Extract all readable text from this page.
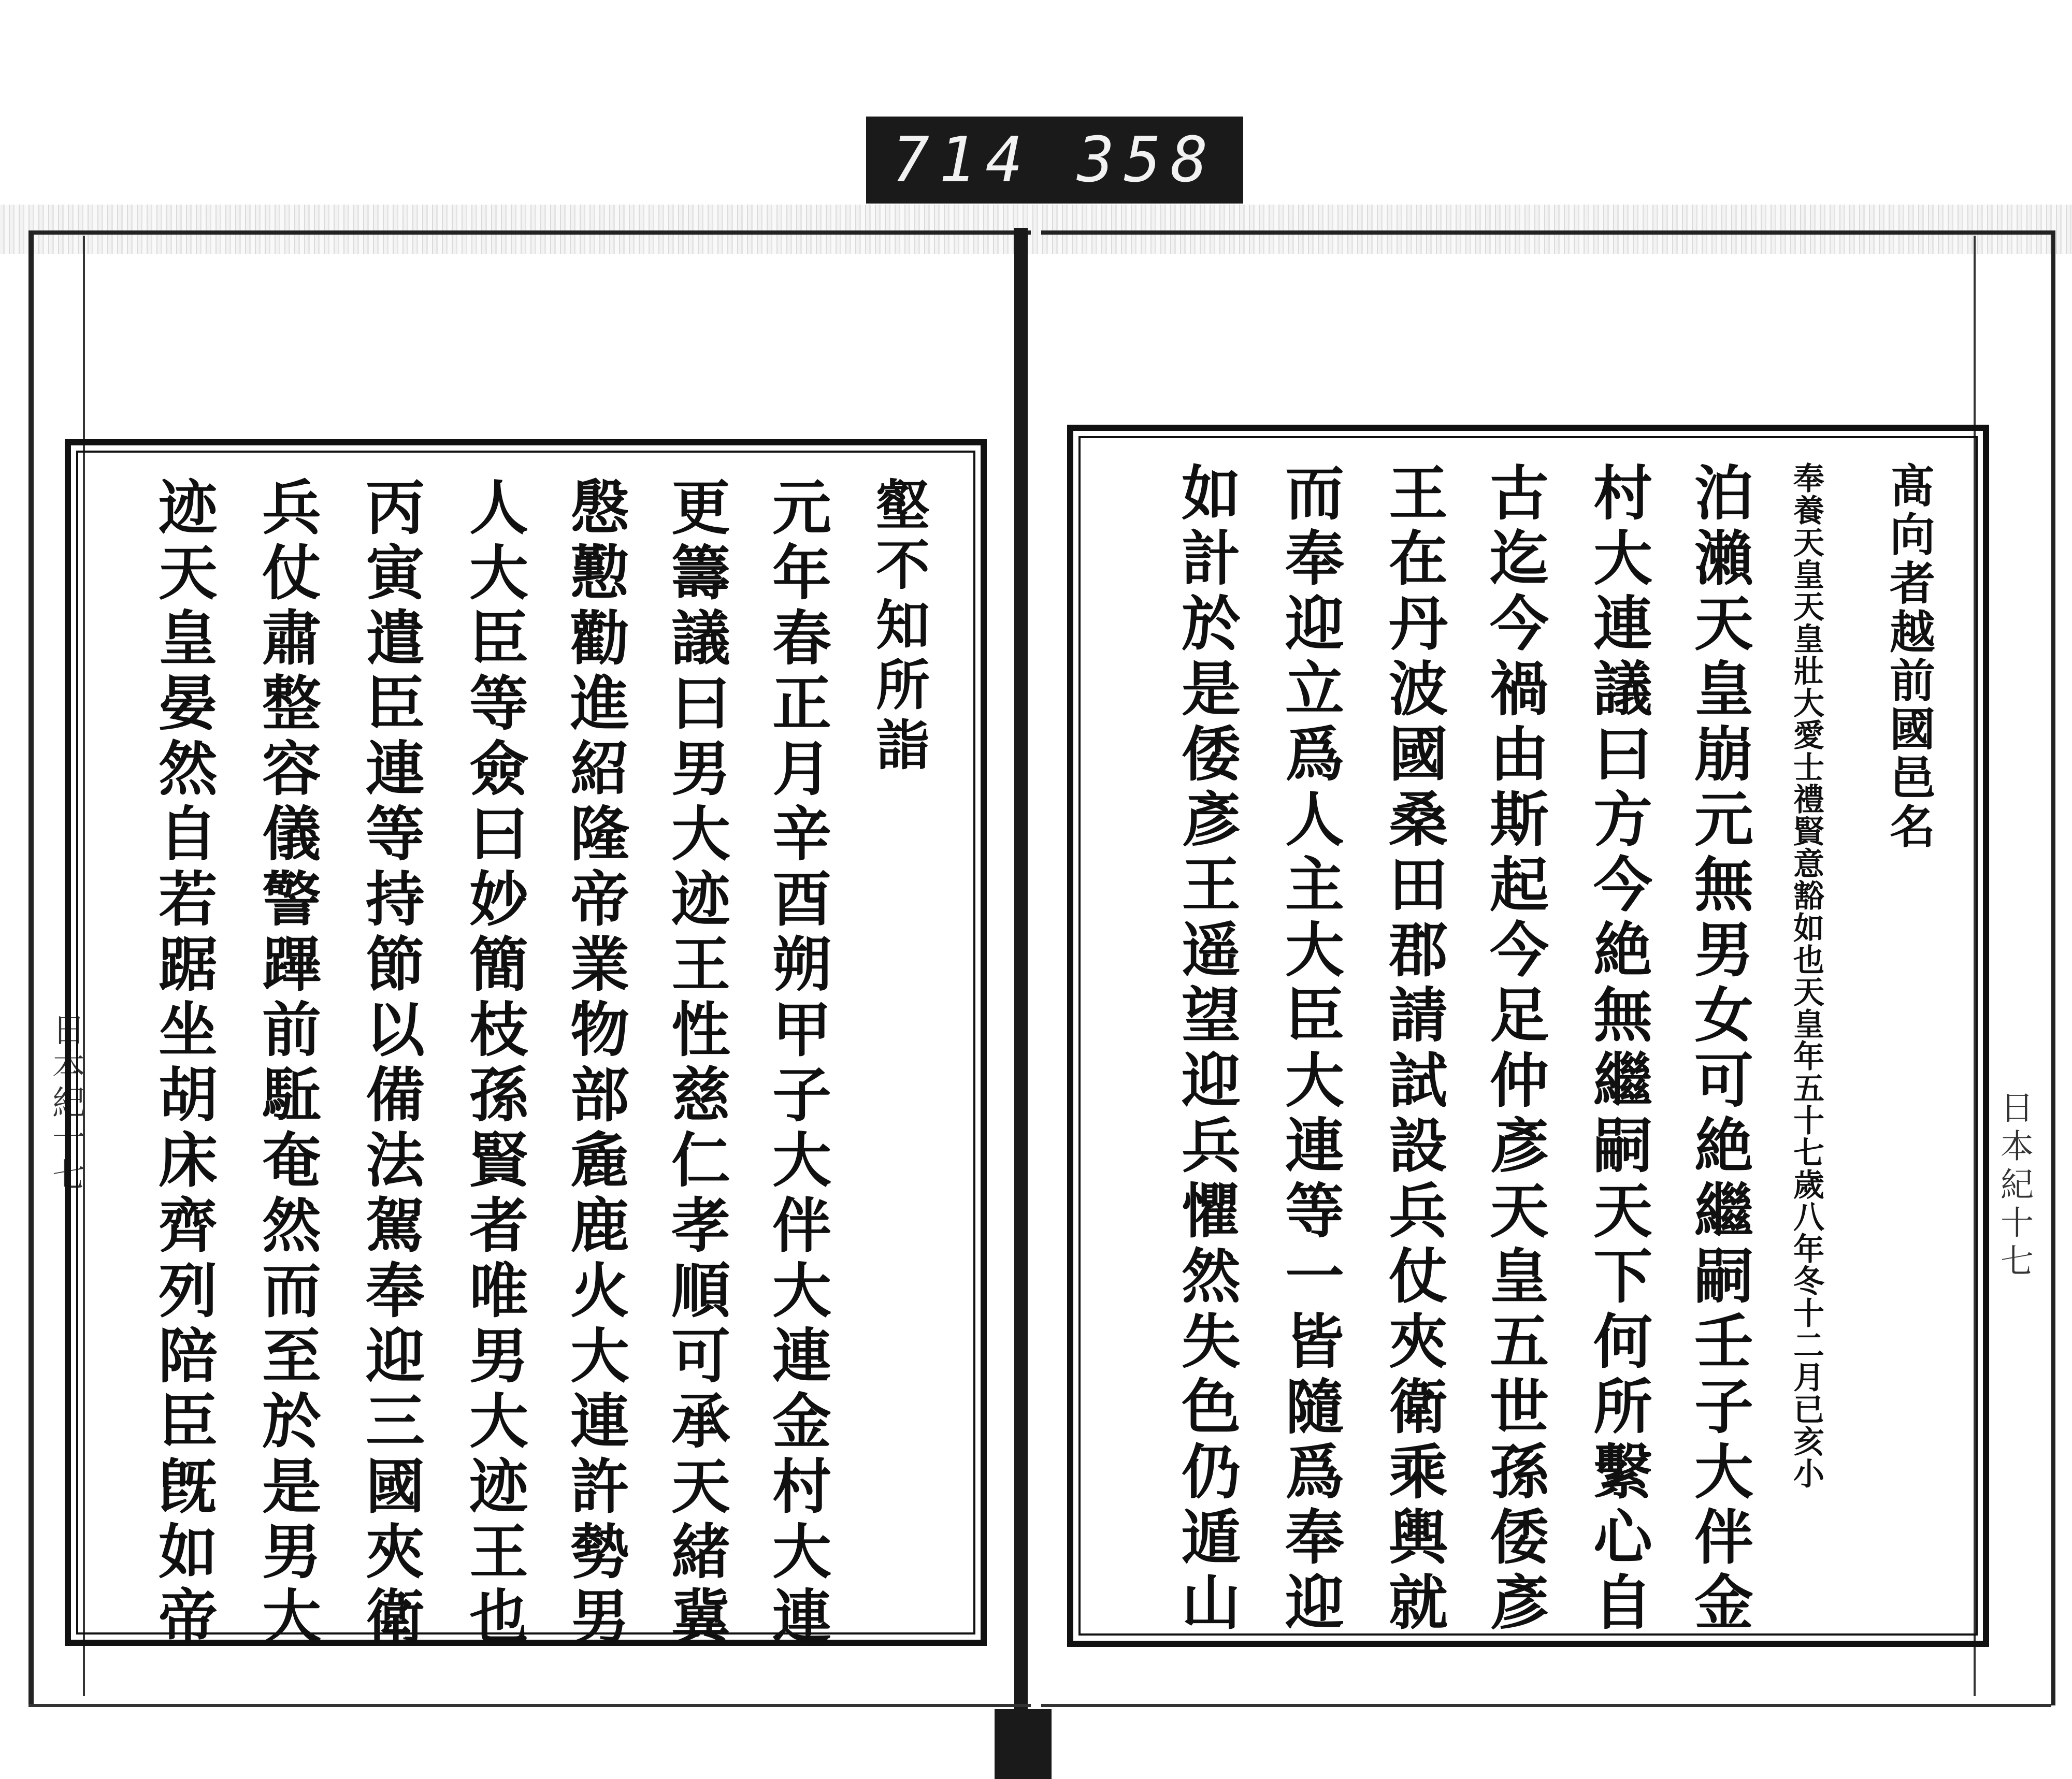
714 358
日本紀十七	日本紀十七
壑不知所詣
元年春正月辛酉朔甲子大伴大連金村大連
更籌議曰男大迹王性慈仁孝順可承天緒冀
慇懃勸進紹隆帝業物部麁鹿火大連許勢男
人大臣等僉曰妙簡枝孫賢者唯男大迹王也
丙寅遣臣連等持節以備法駕奉迎三國夾衛
兵仗肅整容儀警蹕前駈奄然而至於是男大
迹天皇晏然自若踞坐胡床齊列陪臣旣如帝	髙向者越前國邑名
奉養天皇天皇壯大愛士禮賢意豁如也天皇年五十七歲八年冬十二月已亥小
泊瀨天皇崩元無男女可絶繼嗣壬子大伴金
村大連議曰方今絶無繼嗣天下何所繫心自
古迄今禍由斯起今足仲彥天皇五世孫倭彥
王在丹波國桑田郡請試設兵仗夾衛乘輿就
而奉迎立爲人主大臣大連等一皆隨爲奉迎
如計於是倭彥王遥望迎兵懼然失色仍遁山
